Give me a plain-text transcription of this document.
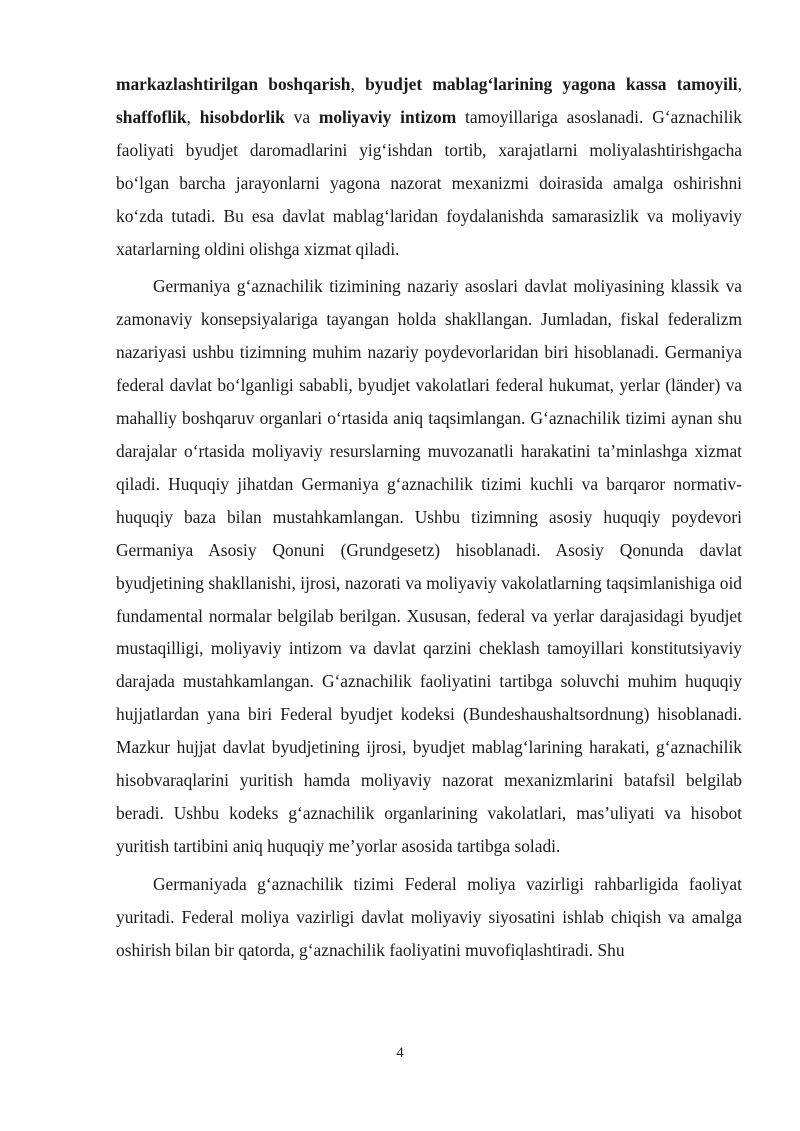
markazlashtirilgan boshqarish, byudjet mablag‘larining yagona kassa tamoyili, shaffoflik, hisobdorlik va moliyaviy intizom tamoyillariga asoslanadi. G‘aznachilik faoliyati byudjet daromadlarini yig‘ishdan tortib, xarajatlarni moliyalashtirishgacha bo‘lgan barcha jarayonlarni yagona nazorat mexanizmi doirasida amalga oshirishni ko‘zda tutadi. Bu esa davlat mablag‘laridan foydalanishda samarasizlik va moliyaviy xatarlarning oldini olishga xizmat qiladi.

Germaniya g‘aznachilik tizimining nazariy asoslari davlat moliyasining klassik va zamonaviy konsepsiyalariga tayangan holda shakllangan. Jumladan, fiskal federalizm nazariyasi ushbu tizimning muhim nazariy poydevorlaridan biri hisoblanadi. Germaniya federal davlat bo‘lganligi sababli, byudjet vakolatlari federal hukumat, yerlar (länder) va mahalliy boshqaruv organlari o‘rtasida aniq taqsimlangan. G‘aznachilik tizimi aynan shu darajalar o‘rtasida moliyaviy resurslarning muvozanatli harakatini ta’minlashga xizmat qiladi. Huquqiy jihatdan Germaniya g‘aznachilik tizimi kuchli va barqaror normativ-huquqiy baza bilan mustahkamlangan. Ushbu tizimning asosiy huquqiy poydevori Germaniya Asosiy Qonuni (Grundgesetz) hisoblanadi. Asosiy Qonunda davlat byudjetining shakllanishi, ijrosi, nazorati va moliyaviy vakolatlarning taqsimlanishiga oid fundamental normalar belgilab berilgan. Xususan, federal va yerlar darajasidagi byudjet mustaqilligi, moliyaviy intizom va davlat qarzini cheklash tamoyillari konstitutsiyaviy darajada mustahkamlangan. G‘aznachilik faoliyatini tartibga soluvchi muhim huquqiy hujjatlardan yana biri Federal byudjet kodeksi (Bundeshaushaltsordnung) hisoblanadi. Mazkur hujjat davlat byudjetining ijrosi, byudjet mablag‘larining harakati, g‘aznachilik hisobvaraqlarini yuritish hamda moliyaviy nazorat mexanizmlarini batafsil belgilab beradi. Ushbu kodeks g‘aznachilik organlarining vakolatlari, mas’uliyati va hisobot yuritish tartibini aniq huquqiy me’yorlar asosida tartibga soladi.

Germaniyada g‘aznachilik tizimi Federal moliya vazirligi rahbarligida faoliyat yuritadi. Federal moliya vazirligi davlat moliyaviy siyosatini ishlab chiqish va amalga oshirish bilan bir qatorda, g‘aznachilik faoliyatini muvofiqlashtiradi. Shu

4
